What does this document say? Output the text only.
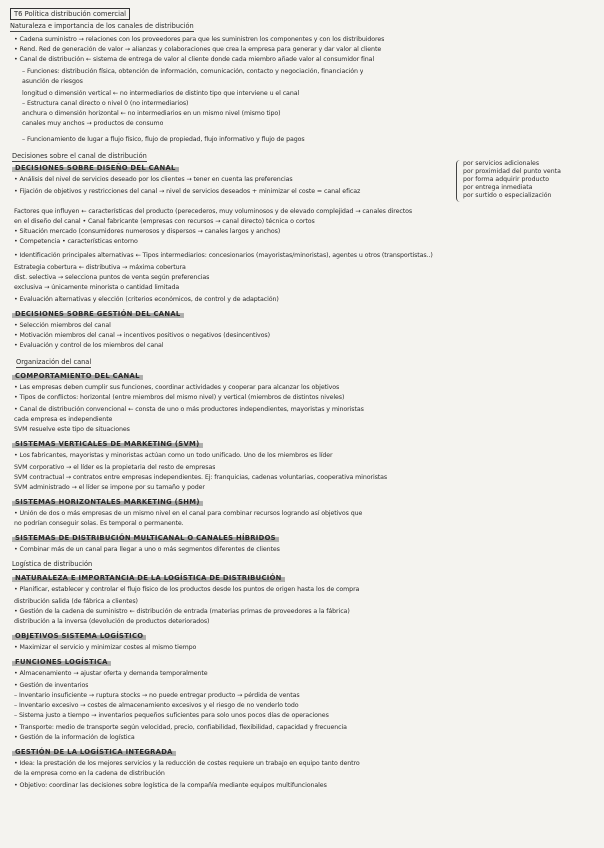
T6 Política distribución comercial
Naturaleza e importancia de los canales de distribución
• Cadena suministro → relaciones con los proveedores para que les suministren los componentes y con los distribuidores
• Rend. Red de generación de valor → alianzas y colaboraciones que crea la empresa para generar y dar valor al cliente
• Canal de distribución ← sistema de entrega de valor al cliente donde cada miembro añade valor al consumidor final
– Funciones: distribución física, obtención de información, comunicación, contacto y negociación, financiación y
asunción de riesgos
longitud o dimensión vertical ← no intermediarios de distinto tipo que interviene u el canal
– Estructura canal directo o nivel 0 (no intermediarios)
anchura o dimensión horizontal ← no intermediarios en un mismo nivel (mismo tipo)
canales muy anchos → productos de consumo
– Funcionamiento de lugar a flujo físico, flujo de propiedad, flujo informativo y flujo de pagos
Decisiones sobre el canal de distribución
por servicios adicionales
por proximidad del punto venta
por forma adquirir producto
por entrega inmediata
por surtido o especialización
DECISIONES SOBRE DISEÑO DEL CANAL
• Análisis del nivel de servicios deseado por los clientes → tener en cuenta las preferencias
• Fijación de objetivos y restricciones del canal → nivel de servicios deseados + minimizar el coste = canal eficaz
Factores que influyen ← características del producto (perecederos, muy voluminosos y de elevado complejidad → canales directos
en el diseño del canal • Canal fabricante (empresas con recursos → canal directo) técnica o cortos
• Situación mercado (consumidores numerosos y dispersos → canales largos y anchos)
• Competencia • características entorno
• Identificación principales alternativas ← Tipos intermediarios: concesionarios (mayoristas/minoristas), agentes u otros (transportistas..)
Estrategia cobertura ← distributiva → máxima cobertura
dist. selectiva → selecciona puntos de venta según preferencias
exclusiva → únicamente minorista o cantidad limitada
• Evaluación alternativas y elección (criterios económicos, de control y de adaptación)
DECISIONES SOBRE GESTIÓN DEL CANAL
• Selección miembros del canal
• Motivación miembros del canal → incentivos positivos o negativos (desincentivos)
• Evaluación y control de los miembros del canal
Organización del canal
COMPORTAMIENTO DEL CANAL
• Las empresas deben cumplir sus funciones, coordinar actividades y cooperar para alcanzar los objetivos
• Tipos de conflictos: horizontal (entre miembros del mismo nivel) y vertical (miembros de distintos niveles)
• Canal de distribución convencional ← consta de uno o más productores independientes, mayoristas y minoristas
cada empresa es independiente
SVM resuelve este tipo de situaciones
SISTEMAS VERTICALES DE MARKETING (SVM)
• Los fabricantes, mayoristas y minoristas actúan como un todo unificado. Uno de los miembros es líder
SVM corporativo → el líder es la propietaria del resto de empresas
SVM contractual → contratos entre empresas independientes. Ej: franquicias, cadenas voluntarias, cooperativa minoristas
SVM administrado → el líder se impone por su tamaño y poder
SISTEMAS HORIZONTALES MARKETING (SHM)
• Unión de dos o más empresas de un mismo nivel en el canal para combinar recursos logrando así objetivos que
no podrían conseguir solas. Es temporal o permanente.
SISTEMAS DE DISTRIBUCIÓN MULTICANAL O CANALES HÍBRIDOS
• Combinar más de un canal para llegar a uno o más segmentos diferentes de clientes
Logística de distribución
NATURALEZA E IMPORTANCIA DE LA LOGÍSTICA DE DISTRIBUCIÓN
• Planificar, establecer y controlar el flujo físico de los productos desde los puntos de origen hasta los de compra
distribución salida (de fábrica a clientes)
• Gestión de la cadena de suministro ← distribución de entrada (materias primas de proveedores a la fábrica)
distribución a la inversa (devolución de productos deteriorados)
OBJETIVOS SISTEMA LOGÍSTICO
• Maximizar el servicio y minimizar costes al mismo tiempo
FUNCIONES LOGÍSTICA
• Almacenamiento → ajustar oferta y demanda temporalmente
• Gestión de inventarios
– Inventario insuficiente → ruptura stocks → no puede entregar producto → pérdida de ventas
– Inventario excesivo → costes de almacenamiento excesivos y el riesgo de no venderlo todo
– Sistema justo a tiempo → inventarios pequeños suficientes para solo unos pocos días de operaciones
• Transporte: medio de transporte según velocidad, precio, confiabilidad, flexibilidad, capacidad y frecuencia
• Gestión de la información de logística
GESTIÓN DE LA LOGÍSTICA INTEGRADA
• Idea: la prestación de los mejores servicios y la reducción de costes requiere un trabajo en equipo tanto dentro
de la empresa como en la cadena de distribución
• Objetivo: coordinar las decisiones sobre logística de la compañía mediante equipos multifuncionales
